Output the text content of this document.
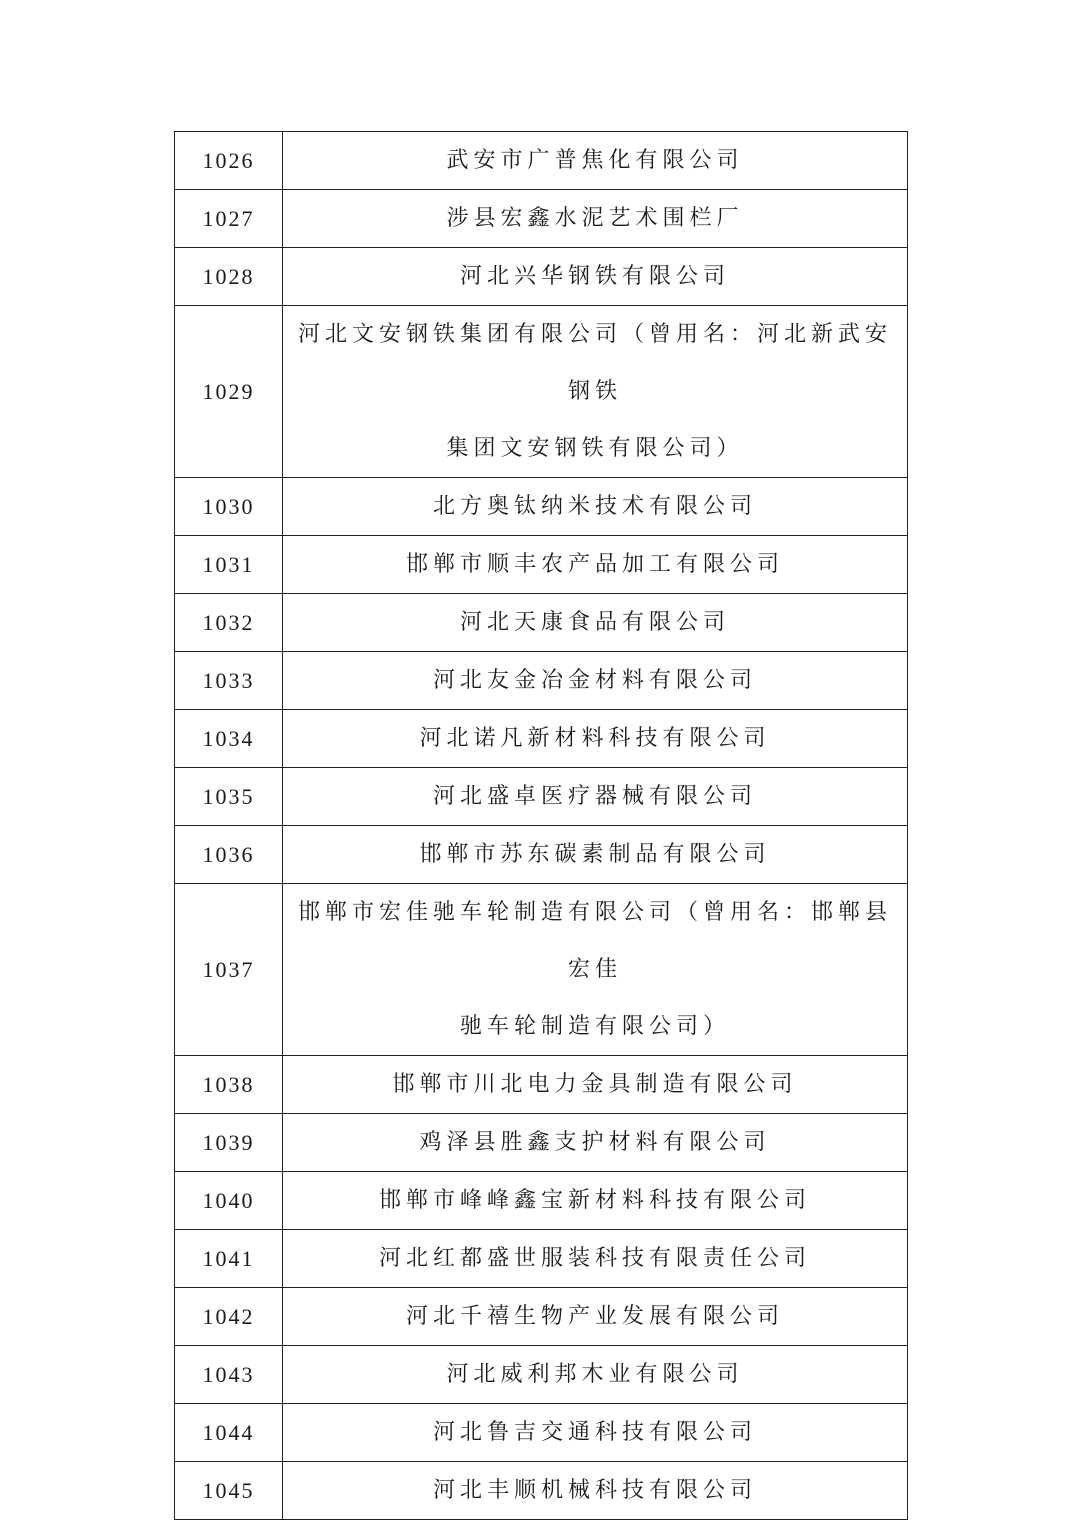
1026	武安市广普焦化有限公司
1027	涉县宏鑫水泥艺术围栏厂
1028	河北兴华钢铁有限公司
1029	河北文安钢铁集团有限公司（曾用名：河北新武安钢铁
集团文安钢铁有限公司）

1030	北方奥钛纳米技术有限公司
1031	邯郸市顺丰农产品加工有限公司
1032	河北天康食品有限公司
1033	河北友金冶金材料有限公司
1034	河北诺凡新材料科技有限公司
1035	河北盛卓医疗器械有限公司
1036	邯郸市苏东碳素制品有限公司
1037	邯郸市宏佳驰车轮制造有限公司（曾用名：邯郸县宏佳
驰车轮制造有限公司）

1038	邯郸市川北电力金具制造有限公司
1039	鸡泽县胜鑫支护材料有限公司
1040	邯郸市峰峰鑫宝新材料科技有限公司
1041	河北红都盛世服装科技有限责任公司
1042	河北千禧生物产业发展有限公司
1043	河北威利邦木业有限公司
1044	河北鲁吉交通科技有限公司
1045	河北丰顺机械科技有限公司
